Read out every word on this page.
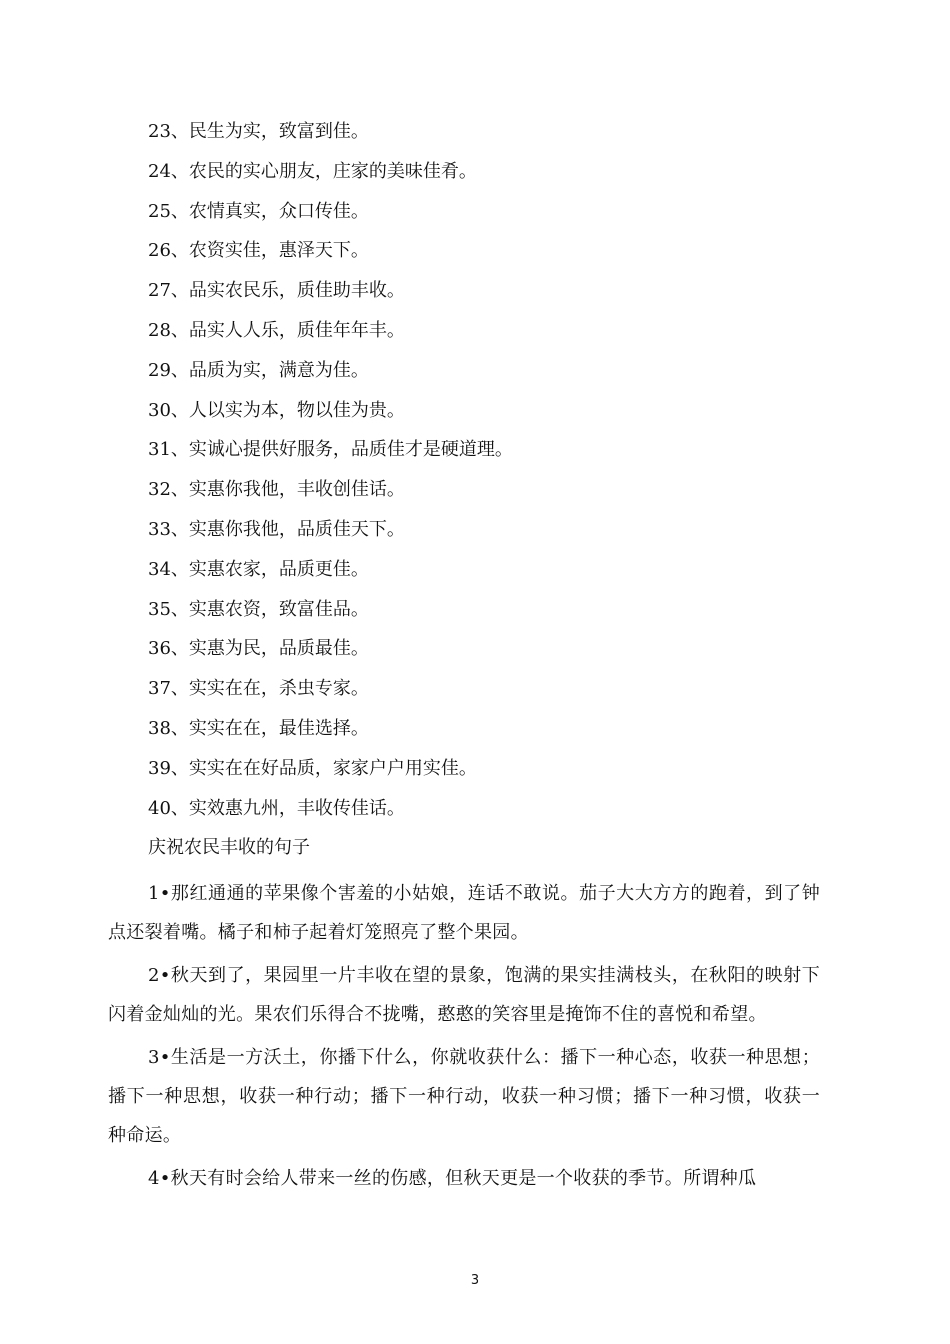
23、民生为实，致富到佳。
24、农民的实心朋友，庄家的美味佳肴。
25、农情真实，众口传佳。
26、农资实佳，惠泽天下。
27、品实农民乐，质佳助丰收。
28、品实人人乐，质佳年年丰。
29、品质为实，满意为佳。
30、人以实为本，物以佳为贵。
31、实诚心提供好服务，品质佳才是硬道理。
32、实惠你我他，丰收创佳话。
33、实惠你我他，品质佳天下。
34、实惠农家，品质更佳。
35、实惠农资，致富佳品。
36、实惠为民，品质最佳。
37、实实在在，杀虫专家。
38、实实在在，最佳选择。
39、实实在在好品质，家家户户用实佳。
40、实效惠九州，丰收传佳话。
庆祝农民丰收的句子

1•那红通通的苹果像个害羞的小姑娘，连话不敢说。茄子大大方方的跑着，到了钟点还裂着嘴。橘子和柿子起着灯笼照亮了整个果园。

2•秋天到了，果园里一片丰收在望的景象，饱满的果实挂满枝头，在秋阳的映射下闪着金灿灿的光。果农们乐得合不拢嘴，憨憨的笑容里是掩饰不住的喜悦和希望。

3•生活是一方沃土，你播下什么，你就收获什么：播下一种心态，收获一种思想；播下一种思想，收获一种行动；播下一种行动，收获一种习惯；播下一种习惯，收获一种命运。

4•秋天有时会给人带来一丝的伤感，但秋天更是一个收获的季节。所谓种瓜

3
